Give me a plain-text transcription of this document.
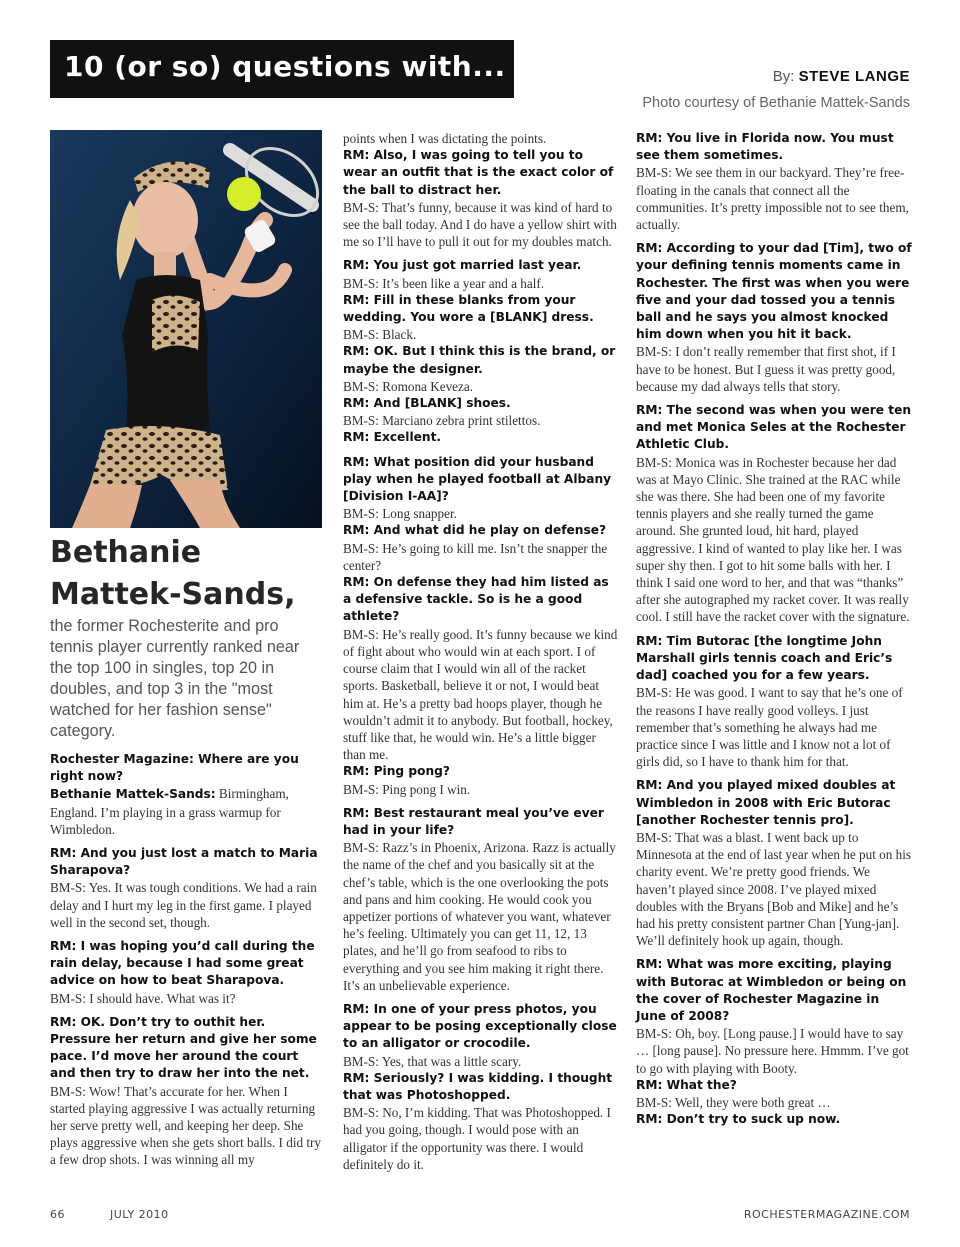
10 (or so) questions with...	By: STEVE LANGE
Photo courtesy of Bethanie Mattek-Sands
Bethanie Mattek-Sands,
the former Rochesterite and pro tennis player currently ranked near the top 100 in singles, top 20 in doubles, and top 3 in the "most watched for her fashion sense" category.

Rochester Magazine: Where are you right now?

Bethanie Mattek-Sands: Birmingham, England. I’m playing in a grass warmup for Wimbledon.

RM: And you just lost a match to Maria Sharapova?

BM-S: Yes. It was tough conditions. We had a rain delay and I hurt my leg in the first game. I played well in the second set, though.

RM: I was hoping you’d call during the rain delay, because I had some great advice on how to beat Sharapova.

BM-S: I should have. What was it?

RM: OK. Don’t try to outhit her. Pressure her return and give her some pace. I’d move her around the court and then try to draw her into the net.

BM-S: Wow! That’s accurate for her. When I started playing aggressive I was actually returning her serve pretty well, and keeping her deep. She plays aggressive when she gets short balls. I did try a few drop shots. I was winning all my

points when I was dictating the points.

RM: Also, I was going to tell you to wear an outfit that is the exact color of the ball to distract her.

BM-S: That’s funny, because it was kind of hard to see the ball today. And I do have a yellow shirt with me so I’ll have to pull it out for my doubles match.

RM: You just got married last year.

BM-S: It’s been like a year and a half.

RM: Fill in these blanks from your wedding. You wore a [BLANK] dress.

BM-S: Black.

RM: OK. But I think this is the brand, or maybe the designer.

BM-S: Romona Keveza.

RM: And [BLANK] shoes.

BM-S: Marciano zebra print stilettos.

RM: Excellent.

RM: What position did your husband play when he played football at Albany [Division I-AA]?

BM-S: Long snapper.

RM: And what did he play on defense?

BM-S: He’s going to kill me. Isn’t the snapper the center?

RM: On defense they had him listed as a defensive tackle. So is he a good athlete?

BM-S: He’s really good. It’s funny because we kind of fight about who would win at each sport. I of course claim that I would win all of the racket sports. Basketball, believe it or not, I would beat him at. He’s a pretty bad hoops player, though he wouldn’t admit it to anybody. But football, hockey, stuff like that, he would win. He’s a little bigger than me.

RM: Ping pong?

BM-S: Ping pong I win.

RM: Best restaurant meal you’ve ever had in your life?

BM-S: Razz’s in Phoenix, Arizona. Razz is actually the name of the chef and you basically sit at the chef’s table, which is the one overlooking the pots and pans and him cooking. He would cook you appetizer portions of whatever you want, whatever he’s feeling. Ultimately you can get 11, 12, 13 plates, and he’ll go from seafood to ribs to everything and you see him making it right there. It’s an unbelievable experience.

RM: In one of your press photos, you appear to be posing exceptionally close to an alligator or crocodile.

BM-S: Yes, that was a little scary.

RM: Seriously? I was kidding. I thought that was Photoshopped.

BM-S: No, I’m kidding. That was Photoshopped. I had you going, though. I would pose with an alligator if the opportunity was there. I would definitely do it.

RM: You live in Florida now. You must see them sometimes.

BM-S: We see them in our backyard. They’re free-floating in the canals that connect all the communities. It’s pretty impossible not to see them, actually.

RM: According to your dad [Tim], two of your defining tennis moments came in Rochester. The first was when you were five and your dad tossed you a tennis ball and he says you almost knocked him down when you hit it back.

BM-S: I don’t really remember that first shot, if I have to be honest. But I guess it was pretty good, because my dad always tells that story.

RM: The second was when you were ten and met Monica Seles at the Rochester Athletic Club.

BM-S: Monica was in Rochester because her dad was at Mayo Clinic. She trained at the RAC while she was there. She had been one of my favorite tennis players and she really turned the game around. She grunted loud, hit hard, played aggressive. I kind of wanted to play like her. I was super shy then. I got to hit some balls with her. I think I said one word to her, and that was “thanks” after she autographed my racket cover. It was really cool. I still have the racket cover with the signature.

RM: Tim Butorac [the longtime John Marshall girls tennis coach and Eric’s dad] coached you for a few years.

BM-S: He was good. I want to say that he’s one of the reasons I have really good volleys. I just remember that’s something he always had me practice since I was little and I know not a lot of girls did, so I have to thank him for that.

RM: And you played mixed doubles at Wimbledon in 2008 with Eric Butorac [another Rochester tennis pro].

BM-S: That was a blast. I went back up to Minnesota at the end of last year when he put on his charity event. We’re pretty good friends. We haven’t played since 2008. I’ve played mixed doubles with the Bryans [Bob and Mike] and he’s had his pretty consistent partner Chan [Yung-jan]. We’ll definitely hook up again, though.

RM: What was more exciting, playing with Butorac at Wimbledon or being on the cover of Rochester Magazine in June of 2008?

BM-S: Oh, boy. [Long pause.] I would have to say … [long pause]. No pressure here. Hmmm. I’ve got to go with playing with Booty.

RM: What the?

BM-S: Well, they were both great …

RM: Don’t try to suck up now.

66	JULY 2010	ROCHESTERMAGAZINE.COM
